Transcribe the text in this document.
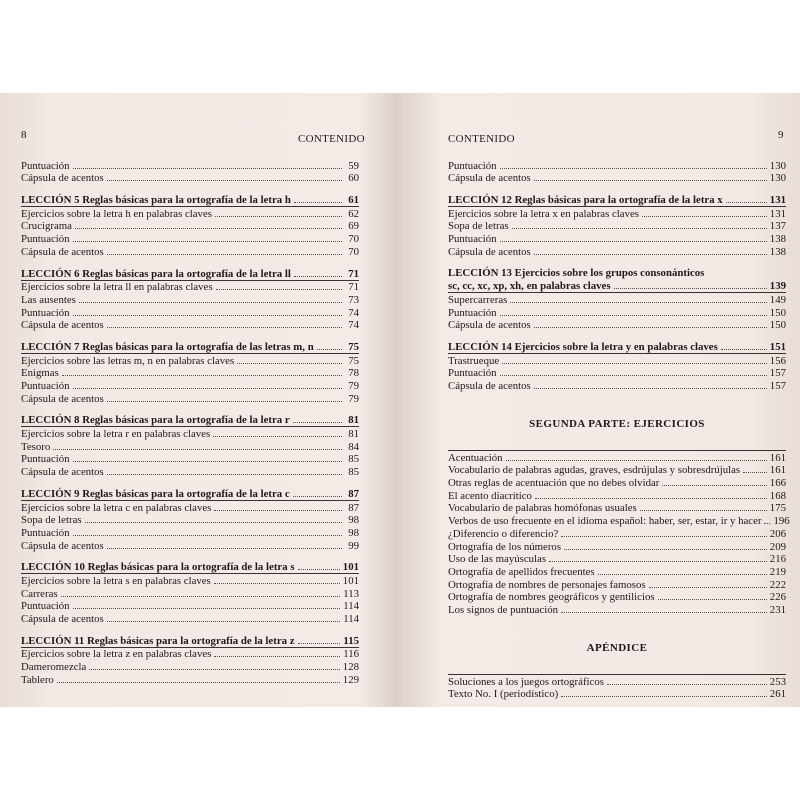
8	CONTENIDO
Puntuación	59
Cápsula de acentos	60
LECCIÓN 5 Reglas básicas para la ortografía de la letra h	61
Ejercicios sobre la letra h en palabras claves	62
Crucigrama	69
Puntuación	70
Cápsula de acentos	70
LECCIÓN 6 Reglas básicas para la ortografía de la letra ll	71
Ejercicios sobre la letra ll en palabras claves	71
Las ausentes	73
Puntuación	74
Cápsula de acentos	74
LECCIÓN 7 Reglas básicas para la ortografía de las letras m, n	75
Ejercicios sobre las letras m, n en palabras claves	75
Enigmas	78
Puntuación	79
Cápsula de acentos	79
LECCIÓN 8 Reglas básicas para la ortografía de la letra r	81
Ejercicios sobre la letra r en palabras claves	81
Tesoro	84
Puntuación	85
Cápsula de acentos	85
LECCIÓN 9 Reglas básicas para la ortografía de la letra c	87
Ejercicios sobre la letra c en palabras claves	87
Sopa de letras	98
Puntuación	98
Cápsula de acentos	99
LECCIÓN 10 Reglas básicas para la ortografía de la letra s	101
Ejercicios sobre la letra s en palabras claves	101
Carreras	113
Puntuación	114
Cápsula de acentos	114
LECCIÓN 11 Reglas básicas para la ortografía de la letra z	115
Ejercicios sobre la letra z en palabras claves	116
Dameromezcla	128
Tablero	129
CONTENIDO	9
Puntuación	130
Cápsula de acentos	130
LECCIÓN 12 Reglas básicas para la ortografía de la letra x	131
Ejercicios sobre la letra x en palabras claves	131
Sopa de letras	137
Puntuación	138
Cápsula de acentos	138
LECCIÓN 13 Ejercicios sobre los grupos consonánticos
sc, cc, xc, xp, xh, en palabras claves	139
Supercarreras	149
Puntuación	150
Cápsula de acentos	150
LECCIÓN 14 Ejercicios sobre la letra y en palabras claves	151
Trastrueque	156
Puntuación	157
Cápsula de acentos	157
SEGUNDA PARTE: EJERCICIOS
Acentuación	161
Vocabulario de palabras agudas, graves, esdrújulas y sobresdrújulas	161
Otras reglas de acentuación que no debes olvidar	166
El acento diacrítico	168
Vocabulario de palabras homófonas usuales	175
Verbos de uso frecuente en el idioma español: haber, ser, estar, ir y hacer 196
¿Diferencio o diferencio?	206
Ortografía de los números	209
Uso de las mayúsculas	216
Ortografía de apellidos frecuentes	219
Ortografía de nombres de personajes famosos	222
Ortografía de nombres geográficos y gentilicios	226
Los signos de puntuación	231
APÉNDICE
Soluciones a los juegos ortográficos	253
Texto No. I (periodístico)	261
